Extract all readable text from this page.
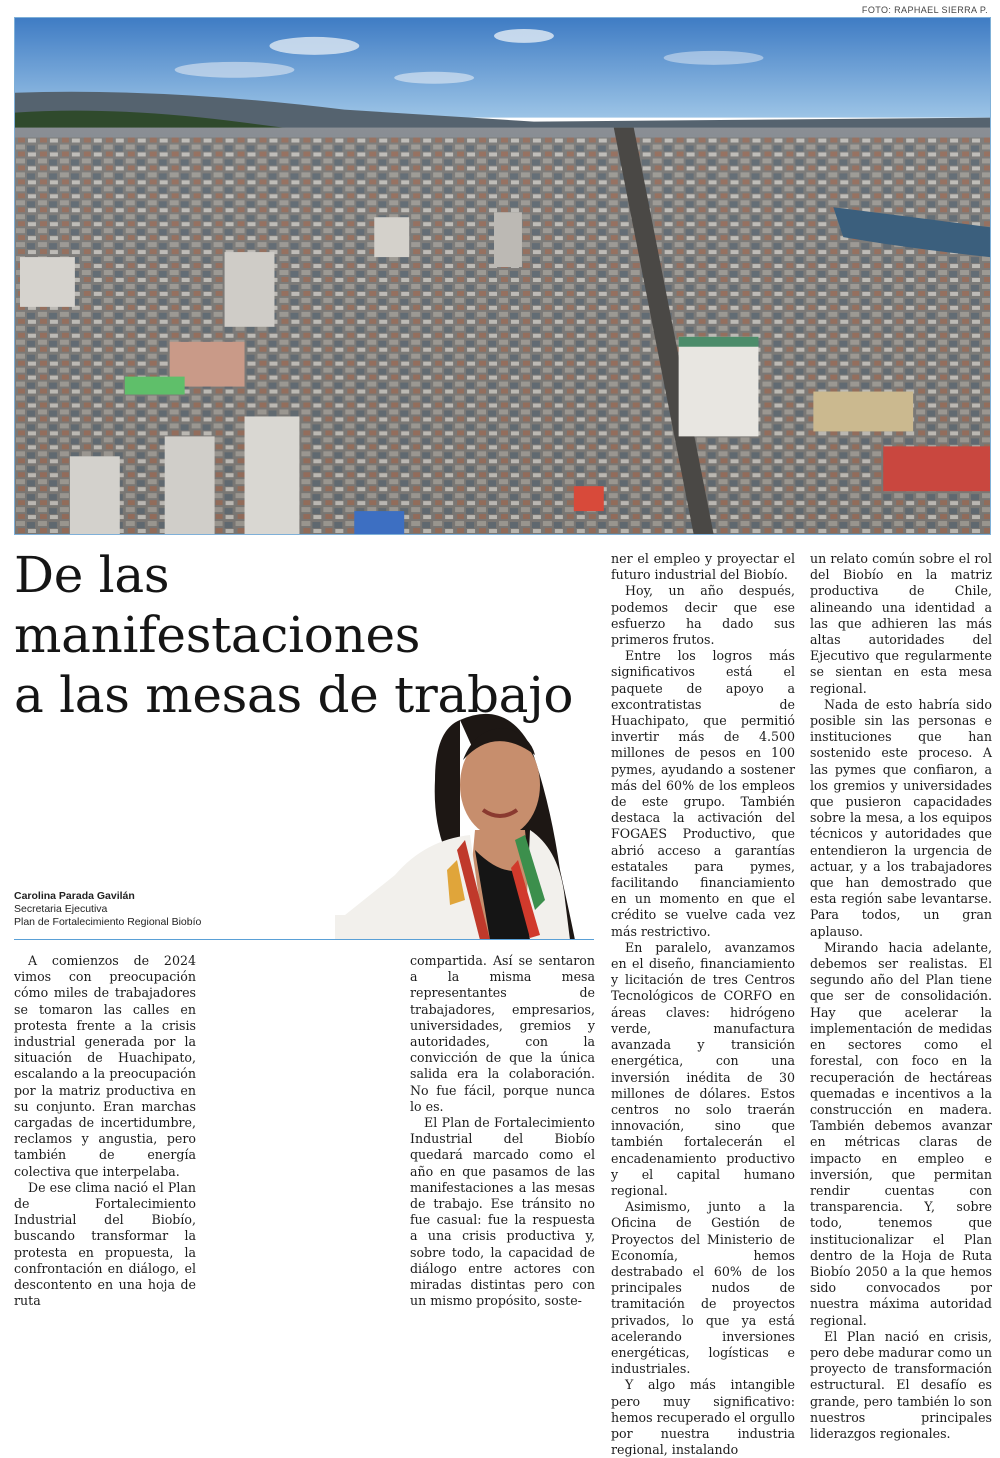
FOTO: RAPHAEL SIERRA P.
De las manifestaciones
a las mesas de trabajo
Carolina Parada Gavilán
Secretaria Ejecutiva
Plan de Fortalecimiento Regional Biobío

A comienzos de 2024 vimos con preocupación cómo miles de trabajadores se tomaron las calles en protesta frente a la crisis industrial generada por la situación de Huachipato, escalando a la preocupación por la matriz productiva en su conjunto. Eran marchas cargadas de incertidumbre, reclamos y angustia, pero también de energía colectiva que interpelaba.

De ese clima nació el Plan de Fortalecimiento Industrial del Biobío, buscando transformar la protesta en propuesta, la confrontación en diálogo, el descontento en una hoja de ruta

compartida. Así se sentaron a la misma mesa representantes de trabajadores, empresarios, universidades, gremios y autoridades, con la convicción de que la única salida era la colaboración. No fue fácil, porque nunca lo es.

El Plan de Fortalecimiento Industrial del Biobío quedará marcado como el año en que pasamos de las manifestaciones a las mesas de trabajo. Ese tránsito no fue casual: fue la respuesta a una crisis productiva y, sobre todo, la capacidad de diálogo entre actores con miradas distintas pero con un mismo propósito, soste-

ner el empleo y proyectar el futuro industrial del Biobío.

Hoy, un año después, podemos decir que ese esfuerzo ha dado sus primeros frutos.

Entre los logros más significativos está el paquete de apoyo a excontratistas de Huachipato, que permitió invertir más de 4.500 millones de pesos en 100 pymes, ayudando a sostener más del 60% de los empleos de este grupo. También destaca la activación del FOGAES Productivo, que abrió acceso a garantías estatales para pymes, facilitando financiamiento en un momento en que el crédito se vuelve cada vez más restrictivo.

En paralelo, avanzamos en el diseño, financiamiento y licitación de tres Centros Tecnológicos de CORFO en áreas claves: hidrógeno verde, manufactura avanzada y transición energética, con una inversión inédita de 30 millones de dólares. Estos centros no solo traerán innovación, sino que también fortalecerán el encadenamiento productivo y el capital humano regional.

Asimismo, junto a la Oficina de Gestión de Proyectos del Ministerio de Economía, hemos destrabado el 60% de los principales nudos de tramitación de proyectos privados, lo que ya está acelerando inversiones energéticas, logísticas e industriales.

Y algo más intangible pero muy significativo: hemos recuperado el orgullo por nuestra industria regional, instalando

un relato común sobre el rol del Biobío en la matriz productiva de Chile, alineando una identidad a las que adhieren las más altas autoridades del Ejecutivo que regularmente se sientan en esta mesa regional.

Nada de esto habría sido posible sin las personas e instituciones que han sostenido este proceso. A las pymes que confiaron, a los gremios y universidades que pusieron capacidades sobre la mesa, a los equipos técnicos y autoridades que entendieron la urgencia de actuar, y a los trabajadores que han demostrado que esta región sabe levantarse. Para todos, un gran aplauso.

Mirando hacia adelante, debemos ser realistas. El segundo año del Plan tiene que ser de consolidación. Hay que acelerar la implementación de medidas en sectores como el forestal, con foco en la recuperación de hectáreas quemadas e incentivos a la construcción en madera. También debemos avanzar en métricas claras de impacto en empleo e inversión, que permitan rendir cuentas con transparencia. Y, sobre todo, tenemos que institucionalizar el Plan dentro de la Hoja de Ruta Biobío 2050 a la que hemos sido convocados por nuestra máxima autoridad regional.

El Plan nació en crisis, pero debe madurar como un proyecto de transformación estructural. El desafío es grande, pero también lo son nuestros principales liderazgos regionales.
